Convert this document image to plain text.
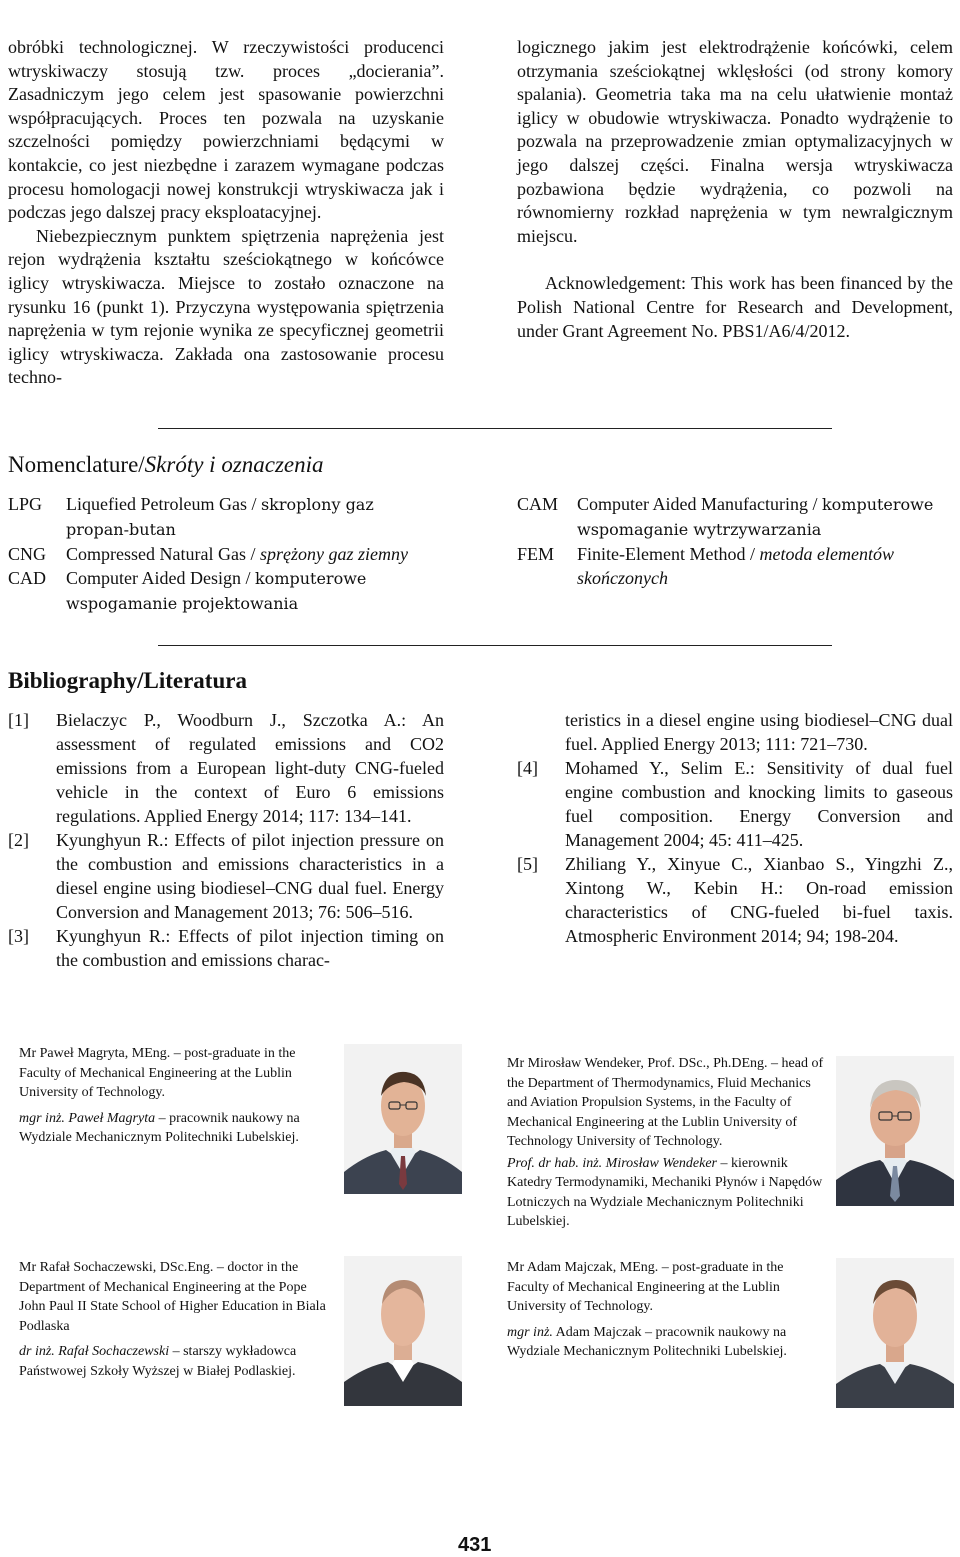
obróbki technologicznej. W rzeczywistości producenci wtryskiwaczy stosują tzw. proces „docierania”. Zasadniczym jego celem jest spasowanie powierzchni współpracujących. Proces ten pozwala na uzyskanie szczelności pomiędzy powierzchniami będącymi w kontakcie, co jest niezbędne i zarazem wymagane podczas procesu homologacji nowej konstrukcji wtryskiwacza jak i podczas jego dalszej pracy eksploatacyjnej.

Niebezpiecznym punktem spiętrzenia naprężenia jest rejon wydrążenia kształtu sześciokątnego w końcówce iglicy wtryskiwacza. Miejsce to zostało oznaczone na rysunku 16 (punkt 1). Przyczyna występowania spiętrzenia naprężenia w tym rejonie wynika ze specyficznej geometrii iglicy wtryskiwacza. Zakłada ona zastosowanie procesu techno-

logicznego jakim jest elektrodrążenie końcówki, celem otrzymania sześciokątnej wklęsłości (od strony komory spalania). Geometria taka ma na celu ułatwienie montaż iglicy w obudowie wtryskiwacza. Ponadto wydrążenie to pozwala na przeprowadzenie zmian optymalizacyjnych w jego dalszej części. Finalna wersja wtryskiwacza pozbawiona będzie wydrążenia, co pozwoli na równomierny rozkład naprężenia w tym newralgicznym miejscu.

Acknowledgement: This work has been financed by the Polish National Centre for Research and Development, under Grant Agreement No. PBS1/A6/4/2012.

Nomenclature/Skróty i oznaczenia
LPG	Liquefied Petroleum Gas / skroplony gaz propan-butan
CNG	Compressed Natural Gas / sprężony gaz ziemny
CAD	Computer Aided Design / komputerowe wspogamanie projektowania
CAM	Computer Aided Manufacturing / komputerowe wspomaganie wytrzywarzania
FEM	Finite-Element Method / metoda elementów skończonych
Bibliography/Literatura
[1]	Bielaczyc P., Woodburn J., Szczotka A.: An assessment of regulated emissions and CO2 emissions from a European light-duty CNG-fueled vehicle in the context of Euro 6 emissions regulations. Applied Energy 2014; 117: 134–141.
[2]	Kyunghyun R.: Effects of pilot injection pressure on the combustion and emissions characteristics in a diesel engine using biodiesel–CNG dual fuel. Energy Conversion and Management 2013; 76: 506–516.
[3]	Kyunghyun R.: Effects of pilot injection timing on the combustion and emissions charac-
teristics in a diesel engine using biodiesel–CNG dual fuel. Applied Energy 2013; 111: 721–730.
[4]	Mohamed Y., Selim E.: Sensitivity of dual fuel engine combustion and knocking limits to gaseous fuel composition. Energy Conversion and Management 2004; 45: 411–425.
[5]	Zhiliang Y., Xinyue C., Xianbao S., Yingzhi Z., Xintong W., Kebin H.: On-road emission characteristics of CNG-fueled bi-fuel taxis. Atmospheric Environment 2014; 94; 198-204.

Mr Paweł Magryta, MEng. – post-graduate in the Faculty of Mechanical Engineering at the Lublin University of Technology.

mgr inż. Paweł Magryta – pracownik naukowy na Wydziale Mechanicznym Politechniki Lubelskiej.

Mr Mirosław Wendeker, Prof. DSc., Ph.DEng. – head of the Department of Thermodynamics, Fluid Mechanics and Aviation Propulsion Systems, in the Faculty of Mechanical Engineering at the Lublin University of Technology University of Technology.

Prof. dr hab. inż. Mirosław Wendeker – kierownik Katedry Termodynamiki, Mechaniki Płynów i Napędów Lotniczych na Wydziale Mechanicznym Politechniki Lubelskiej.

Mr Rafał Sochaczewski, DSc.Eng. – doctor in the Department of Mechanical Engineering at the Pope John Paul II State School of Higher Education in Biala Podlaska

dr inż. Rafał Sochaczewski – starszy wykładowca Państwowej Szkoły Wyższej w Białej Podlaskiej.

Mr Adam Majczak, MEng. – post-graduate in the Faculty of Mechanical Engineering at the Lublin University of Technology.

mgr inż. Adam Majczak – pracownik naukowy na Wydziale Mechanicznym Politechniki Lubelskiej.

431
